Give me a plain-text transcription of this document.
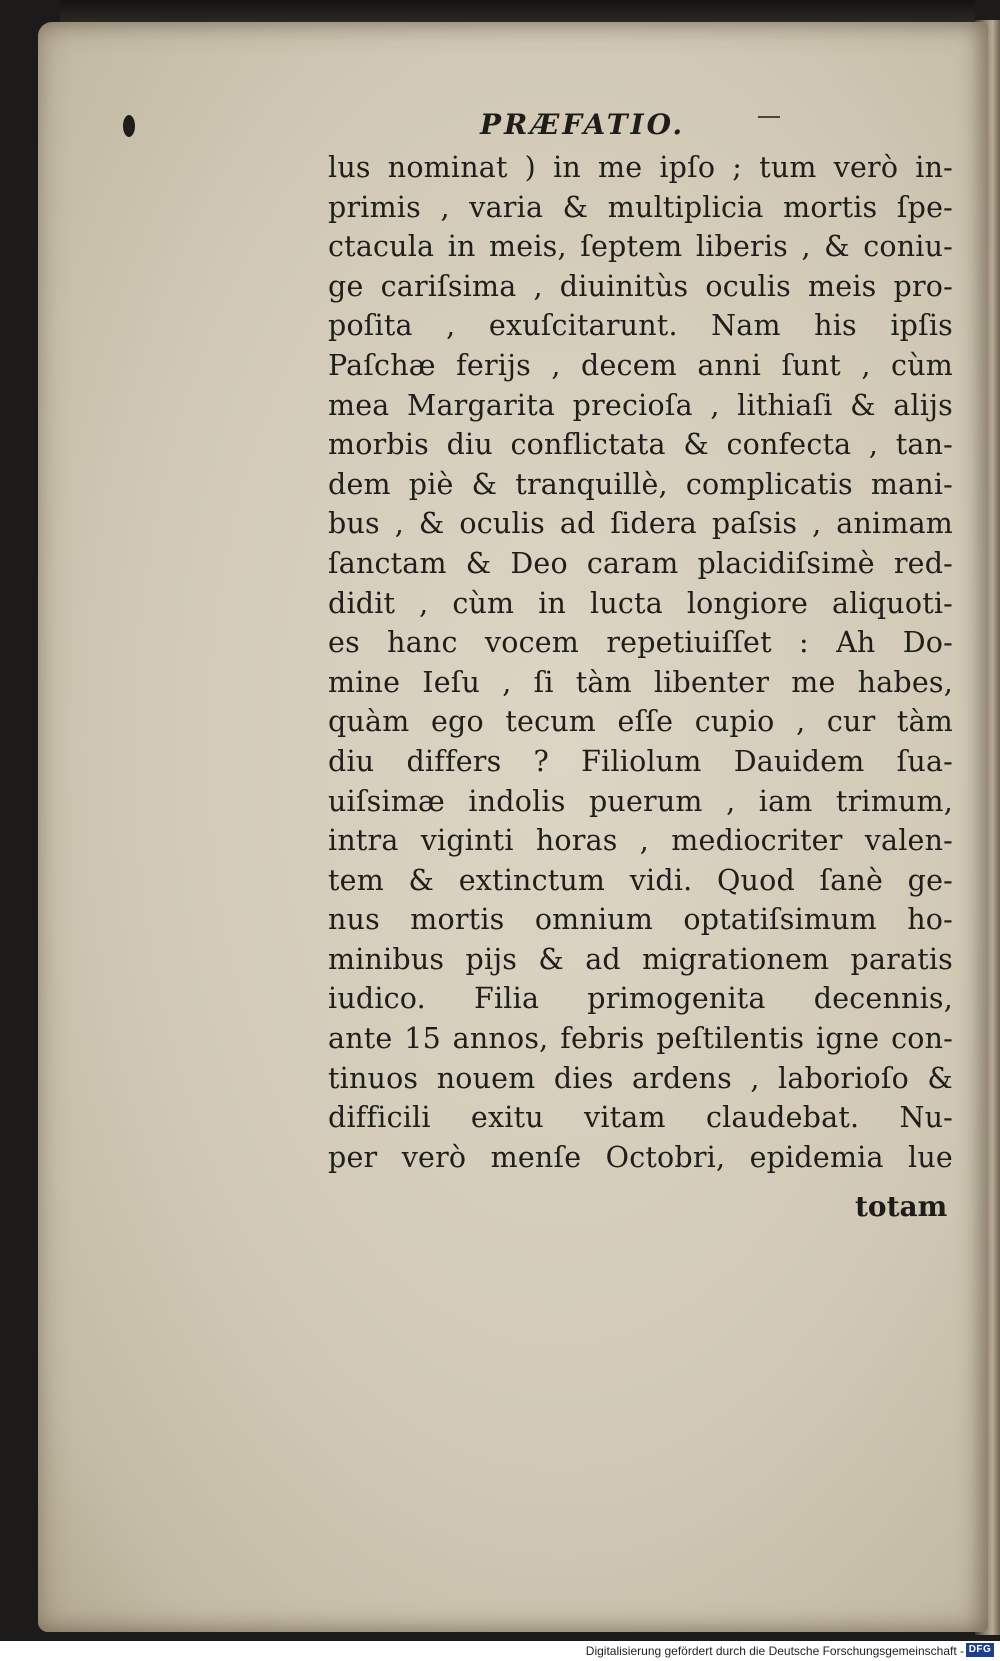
PRÆFATIO.
lus nominat ) in me ipſo ; tum verò in-
primis , varia & multiplicia mortis ſpe-
ctacula in meis, ſeptem liberis , & coniu-
ge cariſsima , diuinitùs oculis meis pro-
poſita , exuſcitarunt. Nam his ipſis
Paſchæ ferijs , decem anni ſunt , cùm
mea Margarita precioſa , lithiaſi & alijs
morbis diu conflictata & confecta , tan-
dem piè & tranquillè, complicatis mani-
bus , & oculis ad ſidera paſsis , animam
ſanctam & Deo caram placidiſsimè red-
didit , cùm in lucta longiore aliquoti-
es hanc vocem repetiuiſſet : Ah Do-
mine Ieſu , ſi tàm libenter me habes,
quàm ego tecum eſſe cupio , cur tàm
diu differs ? Filiolum Dauidem ſua-
uiſsimæ indolis puerum , iam trimum,
intra viginti horas , mediocriter valen-
tem & extinctum vidi. Quod ſanè ge-
nus mortis omnium optatiſsimum ho-
minibus pijs & ad migrationem paratis
iudico. Filia primogenita decennis,
ante 15 annos, febris peſtilentis igne con-
tinuos nouem dies ardens , laborioſo &
difficili exitu vitam claudebat. Nu-
per verò menſe Octobri, epidemia lue
totam
Digitalisierung gefördert durch die Deutsche Forschungsgemeinschaft - DFG
